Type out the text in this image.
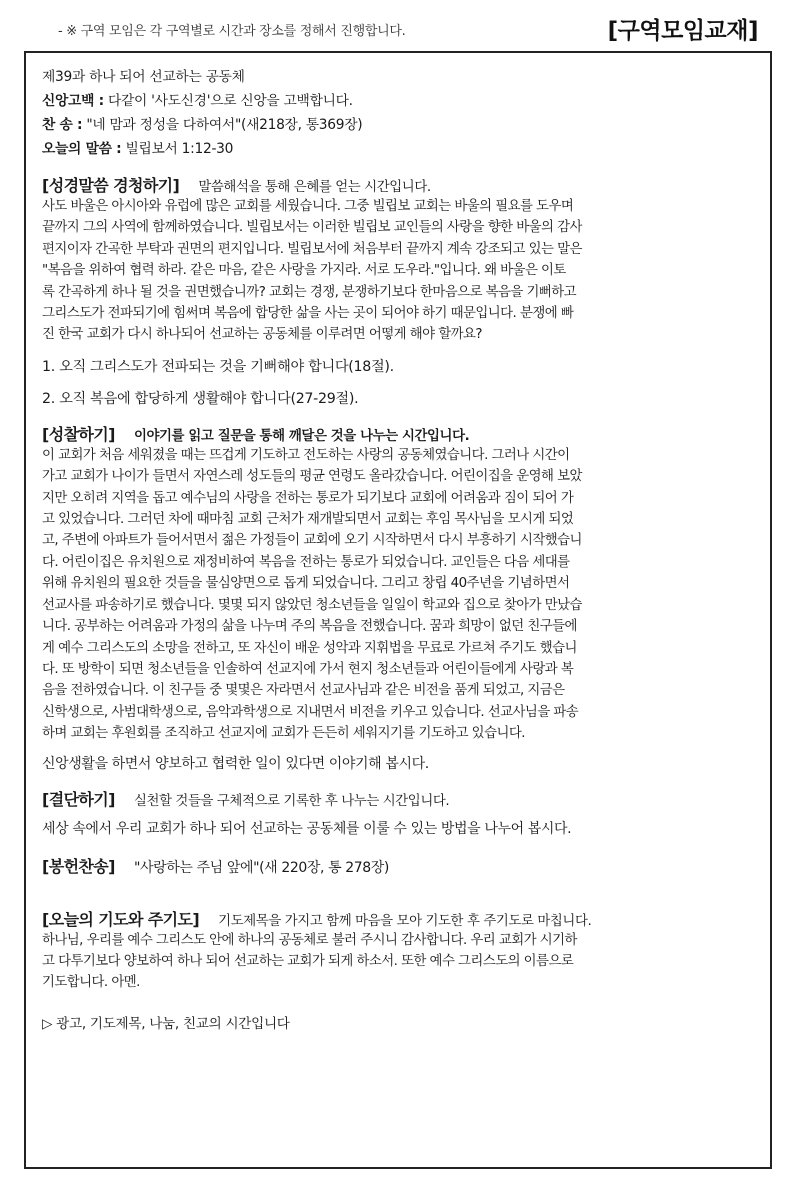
- ※ 구역 모임은 각 구역별로 시간과 장소를 정해서 진행합니다.	[구역모임교재]
제39과 하나 되어 선교하는 공동체
신앙고백 : 다같이 '사도신경'으로 신앙을 고백합니다.
찬 송 : "네 맘과 정성을 다하여서"(새218장, 통369장)
오늘의 말씀 : 빌립보서 1:12-30
[성경말씀 경청하기] 말씀해석을 통해 은혜를 얻는 시간입니다.

사도 바울은 아시아와 유럽에 많은 교회를 세웠습니다. 그중 빌립보 교회는 바울의 필요를 도우며
끝까지 그의 사역에 함께하였습니다. 빌립보서는 이러한 빌립보 교인들의 사랑을 향한 바울의 감사
편지이자 간곡한 부탁과 권면의 편지입니다. 빌립보서에 처음부터 끝까지 계속 강조되고 있는 말은
"복음을 위하여 협력 하라. 같은 마음, 같은 사랑을 가지라. 서로 도우라."입니다. 왜 바울은 이토
록 간곡하게 하나 될 것을 권면했습니까? 교회는 경쟁, 분쟁하기보다 한마음으로 복음을 기뻐하고
그리스도가 전파되기에 힘써며 복음에 합당한 삶을 사는 곳이 되어야 하기 때문입니다. 분쟁에 빠
진 한국 교회가 다시 하나되어 선교하는 공동체를 이루려면 어떻게 해야 할까요?

1. 오직 그리스도가 전파되는 것을 기뻐해야 합니다(18절).
2. 오직 복음에 합당하게 생활해야 합니다(27-29절).
[성찰하기] 이야기를 읽고 질문을 통해 깨달은 것을 나누는 시간입니다.

이 교회가 처음 세워졌을 때는 뜨겁게 기도하고 전도하는 사랑의 공동체였습니다. 그러나 시간이
가고 교회가 나이가 들면서 자연스레 성도들의 평균 연령도 올라갔습니다. 어린이집을 운영해 보았
지만 오히려 지역을 돕고 예수님의 사랑을 전하는 통로가 되기보다 교회에 어려움과 짐이 되어 가
고 있었습니다. 그러던 차에 때마침 교회 근처가 재개발되면서 교회는 후임 목사님을 모시게 되었
고, 주변에 아파트가 들어서면서 젊은 가정들이 교회에 오기 시작하면서 다시 부흥하기 시작했습니
다. 어린이집은 유치원으로 재정비하여 복음을 전하는 통로가 되었습니다. 교인들은 다음 세대를
위해 유치원의 필요한 것들을 물심양면으로 돕게 되었습니다. 그리고 창립 40주년을 기념하면서
선교사를 파송하기로 했습니다. 몇몇 되지 않았던 청소년들을 일일이 학교와 집으로 찾아가 만났습
니다. 공부하는 어려움과 가정의 삶을 나누며 주의 복음을 전했습니다. 꿈과 희망이 없던 친구들에
게 예수 그리스도의 소망을 전하고, 또 자신이 배운 성악과 지휘법을 무료로 가르쳐 주기도 했습니
다. 또 방학이 되면 청소년들을 인솔하여 선교지에 가서 현지 청소년들과 어린이들에게 사랑과 복
음을 전하였습니다. 이 친구들 중 몇몇은 자라면서 선교사님과 같은 비전을 품게 되었고, 지금은
신학생으로, 사범대학생으로, 음악과학생으로 지내면서 비전을 키우고 있습니다. 선교사님을 파송
하며 교회는 후원회를 조직하고 선교지에 교회가 든든히 세워지기를 기도하고 있습니다.

신앙생활을 하면서 양보하고 협력한 일이 있다면 이야기해 봅시다.
[결단하기] 실천할 것들을 구체적으로 기록한 후 나누는 시간입니다.
세상 속에서 우리 교회가 하나 되어 선교하는 공동체를 이룰 수 있는 방법을 나누어 봅시다.
[봉헌찬송] "사랑하는 주님 앞에"(새 220장, 통 278장)
[오늘의 기도와 주기도] 기도제목을 가지고 함께 마음을 모아 기도한 후 주기도로 마칩니다.

하나님, 우리를 예수 그리스도 안에 하나의 공동체로 불러 주시니 감사합니다. 우리 교회가 시기하
고 다투기보다 양보하여 하나 되어 선교하는 교회가 되게 하소서. 또한 예수 그리스도의 이름으로
기도합니다. 아멘.

▷ 광고, 기도제목, 나눔, 친교의 시간입니다
